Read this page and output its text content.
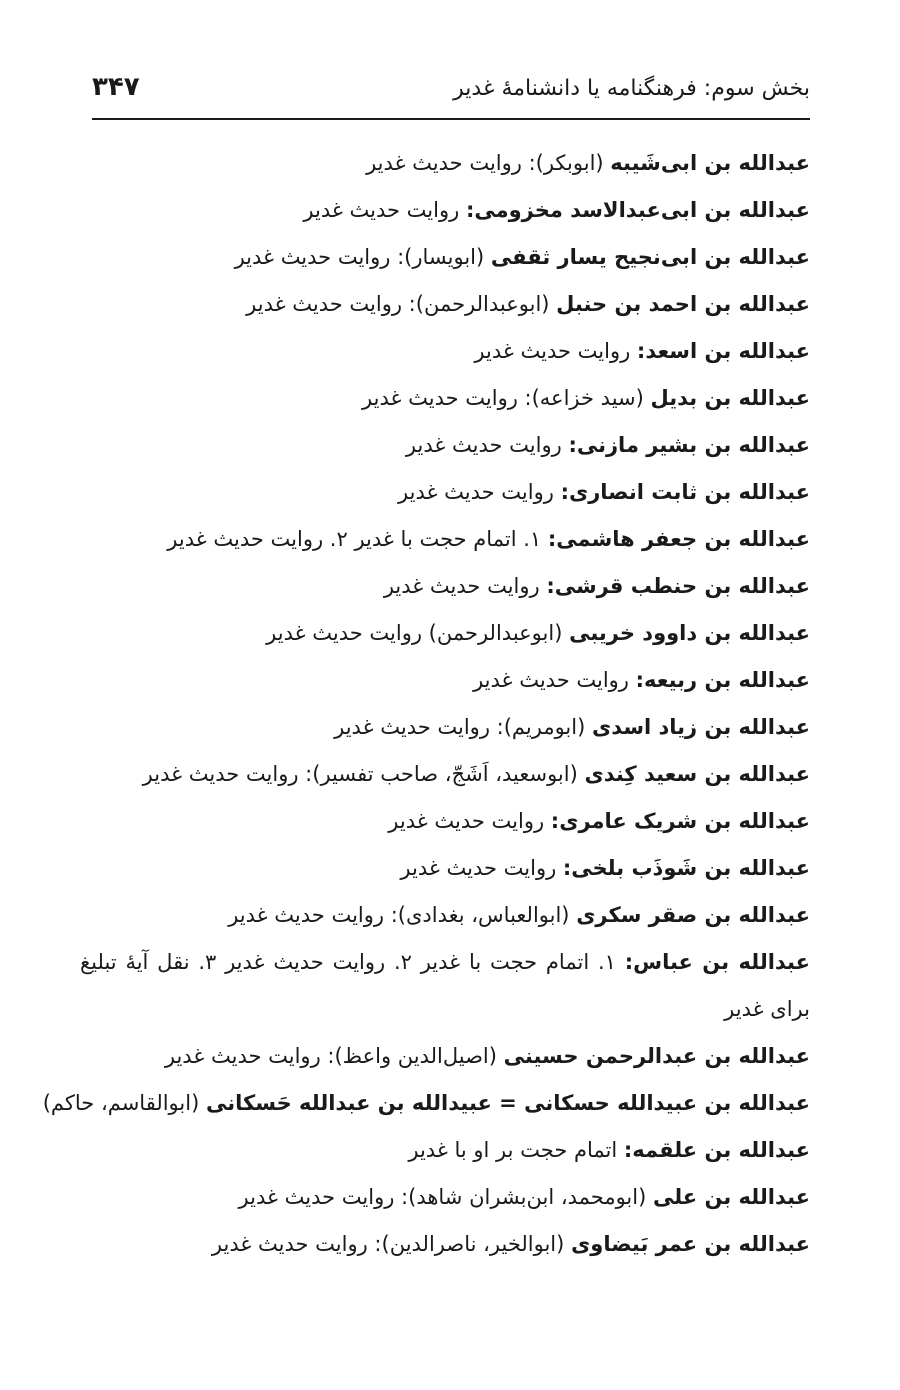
بخش سوم: فرهنگنامه یا دانشنامهٔ غدیر
۳۴۷
عبدالله بن ابی‌شَیبه (ابوبکر): روایت حدیث غدیر
عبدالله بن ابی‌عبدالاسد مخزومی: روایت حدیث غدیر
عبدالله بن ابی‌نجیح یسار ثقفی (ابویسار): روایت حدیث غدیر
عبدالله بن احمد بن حنبل (ابوعبدالرحمن): روایت حدیث غدیر
عبدالله بن اسعد: روایت حدیث غدیر
عبدالله بن بدیل (سید خزاعه): روایت حدیث غدیر
عبدالله بن بشیر مازنی: روایت حدیث غدیر
عبدالله بن ثابت انصاری: روایت حدیث غدیر
عبدالله بن جعفر هاشمی: ۱. اتمام حجت با غدیر ۲. روایت حدیث غدیر
عبدالله بن حنطب قرشی: روایت حدیث غدیر
عبدالله بن داوود خریبی (ابوعبدالرحمن) روایت حدیث غدیر
عبدالله بن ربیعه: روایت حدیث غدیر
عبدالله بن زیاد اسدی (ابومریم): روایت حدیث غدیر
عبدالله بن سعید کِندی (ابوسعید، اَشَجّ، صاحب تفسیر): روایت حدیث غدیر
عبدالله بن شریک عامری: روایت حدیث غدیر
عبدالله بن شَوذَب بلخی: روایت حدیث غدیر
عبدالله بن صقر سکری (ابوالعباس، بغدادی): روایت حدیث غدیر
عبدالله بن عباس: ۱. اتمام حجت با غدیر ۲. روایت حدیث غدیر ۳. نقل آیهٔ تبلیغ برای غدیر
عبدالله بن عبدالرحمن حسینی (اصیل‌الدین واعظ): روایت حدیث غدیر
عبدالله بن عبیدالله حسکانی = عبیدالله بن عبدالله حَسکانی (ابوالقاسم، حاکم)
عبدالله بن علقمه: اتمام حجت بر او با غدیر
عبدالله بن علی (ابومحمد، ابن‌بشران شاهد): روایت حدیث غدیر
عبدالله بن عمر بَیضاوی (ابوالخیر، ناصرالدین): روایت حدیث غدیر
